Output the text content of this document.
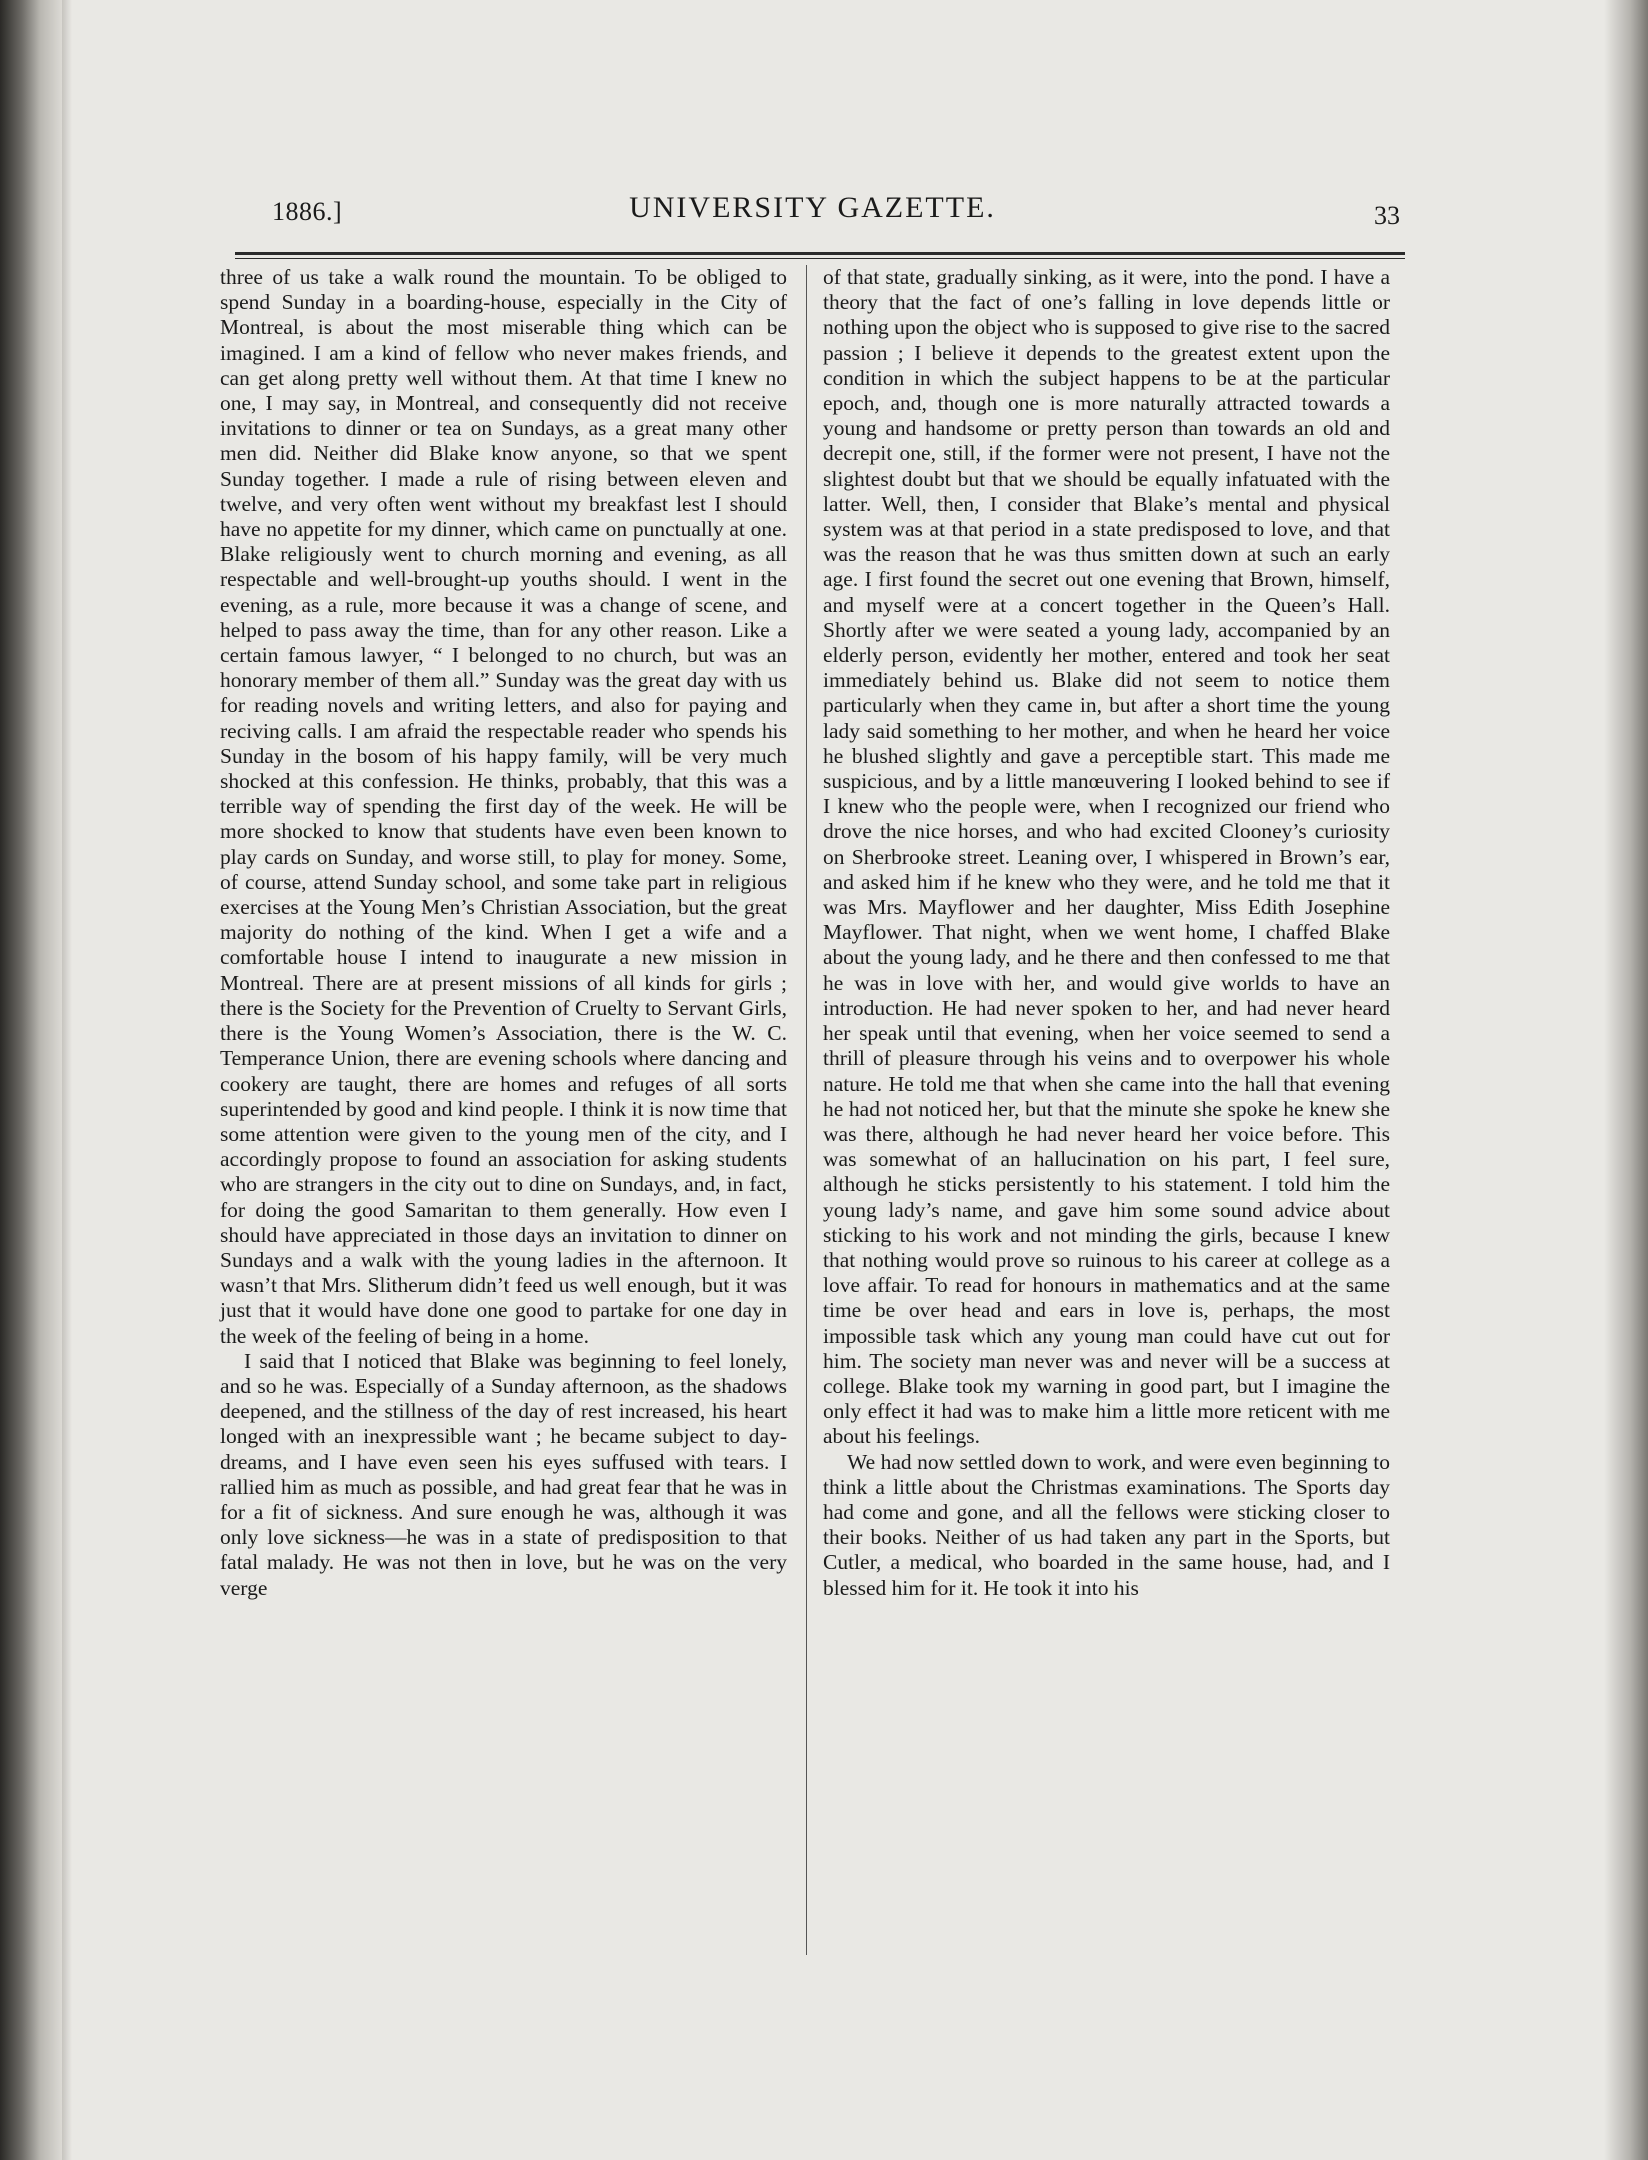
1886.]	UNIVERSITY GAZETTE.	33

three of us take a walk round the mountain. To be obliged to spend Sunday in a boarding-house, especially in the City of Montreal, is about the most miserable thing which can be imagined. I am a kind of fellow who never makes friends, and can get along pretty well without them. At that time I knew no one, I may say, in Montreal, and consequently did not receive invitations to dinner or tea on Sundays, as a great many other men did. Neither did Blake know anyone, so that we spent Sunday together. I made a rule of rising between eleven and twelve, and very often went without my breakfast lest I should have no appetite for my dinner, which came on punctually at one. Blake religiously went to church morning and evening, as all respectable and well-brought-up youths should. I went in the evening, as a rule, more because it was a change of scene, and helped to pass away the time, than for any other reason. Like a certain famous lawyer, “ I belonged to no church, but was an honorary member of them all.” Sunday was the great day with us for reading novels and writing letters, and also for paying and reciving calls. I am afraid the respectable reader who spends his Sunday in the bosom of his happy family, will be very much shocked at this confession. He thinks, probably, that this was a terrible way of spending the first day of the week. He will be more shocked to know that students have even been known to play cards on Sunday, and worse still, to play for money. Some, of course, attend Sunday school, and some take part in religious exercises at the Young Men’s Christian Association, but the great majority do nothing of the kind. When I get a wife and a comfortable house I intend to inaugurate a new mission in Montreal. There are at present missions of all kinds for girls ; there is the Society for the Prevention of Cruelty to Servant Girls, there is the Young Women’s Association, there is the W. C. Temperance Union, there are evening schools where dancing and cookery are taught, there are homes and refuges of all sorts superintended by good and kind people. I think it is now time that some attention were given to the young men of the city, and I accordingly propose to found an association for asking students who are strangers in the city out to dine on Sundays, and, in fact, for doing the good Samaritan to them generally. How even I should have appreciated in those days an invitation to dinner on Sundays and a walk with the young ladies in the afternoon. It wasn’t that Mrs. Slitherum didn’t feed us well enough, but it was just that it would have done one good to partake for one day in the week of the feeling of being in a home.

I said that I noticed that Blake was beginning to feel lonely, and so he was. Especially of a Sunday afternoon, as the shadows deepened, and the stillness of the day of rest increased, his heart longed with an inexpressible want ; he became subject to day-dreams, and I have even seen his eyes suffused with tears. I rallied him as much as possible, and had great fear that he was in for a fit of sickness. And sure enough he was, although it was only love sickness—he was in a state of predisposition to that fatal malady. He was not then in love, but he was on the very verge

of that state, gradually sinking, as it were, into the pond. I have a theory that the fact of one’s falling in love depends little or nothing upon the object who is supposed to give rise to the sacred passion ; I believe it depends to the greatest extent upon the condition in which the subject happens to be at the particular epoch, and, though one is more naturally attracted towards a young and handsome or pretty person than towards an old and decrepit one, still, if the former were not present, I have not the slightest doubt but that we should be equally infatuated with the latter. Well, then, I consider that Blake’s mental and physical system was at that period in a state predisposed to love, and that was the reason that he was thus smitten down at such an early age. I first found the secret out one evening that Brown, himself, and myself were at a concert together in the Queen’s Hall. Shortly after we were seated a young lady, accompanied by an elderly person, evidently her mother, entered and took her seat immediately behind us. Blake did not seem to notice them particularly when they came in, but after a short time the young lady said something to her mother, and when he heard her voice he blushed slightly and gave a perceptible start. This made me suspicious, and by a little manœuvering I looked behind to see if I knew who the people were, when I recognized our friend who drove the nice horses, and who had excited Clooney’s curiosity on Sherbrooke street. Leaning over, I whispered in Brown’s ear, and asked him if he knew who they were, and he told me that it was Mrs. Mayflower and her daughter, Miss Edith Josephine Mayflower. That night, when we went home, I chaffed Blake about the young lady, and he there and then confessed to me that he was in love with her, and would give worlds to have an introduction. He had never spoken to her, and had never heard her speak until that evening, when her voice seemed to send a thrill of pleasure through his veins and to overpower his whole nature. He told me that when she came into the hall that evening he had not noticed her, but that the minute she spoke he knew she was there, although he had never heard her voice before. This was somewhat of an hallucination on his part, I feel sure, although he sticks persistently to his statement. I told him the young lady’s name, and gave him some sound advice about sticking to his work and not minding the girls, because I knew that nothing would prove so ruinous to his career at college as a love affair. To read for honours in mathematics and at the same time be over head and ears in love is, perhaps, the most impossible task which any young man could have cut out for him. The society man never was and never will be a success at college. Blake took my warning in good part, but I imagine the only effect it had was to make him a little more reticent with me about his feelings.

We had now settled down to work, and were even beginning to think a little about the Christmas examinations. The Sports day had come and gone, and all the fellows were sticking closer to their books. Neither of us had taken any part in the Sports, but Cutler, a medical, who boarded in the same house, had, and I blessed him for it. He took it into his
